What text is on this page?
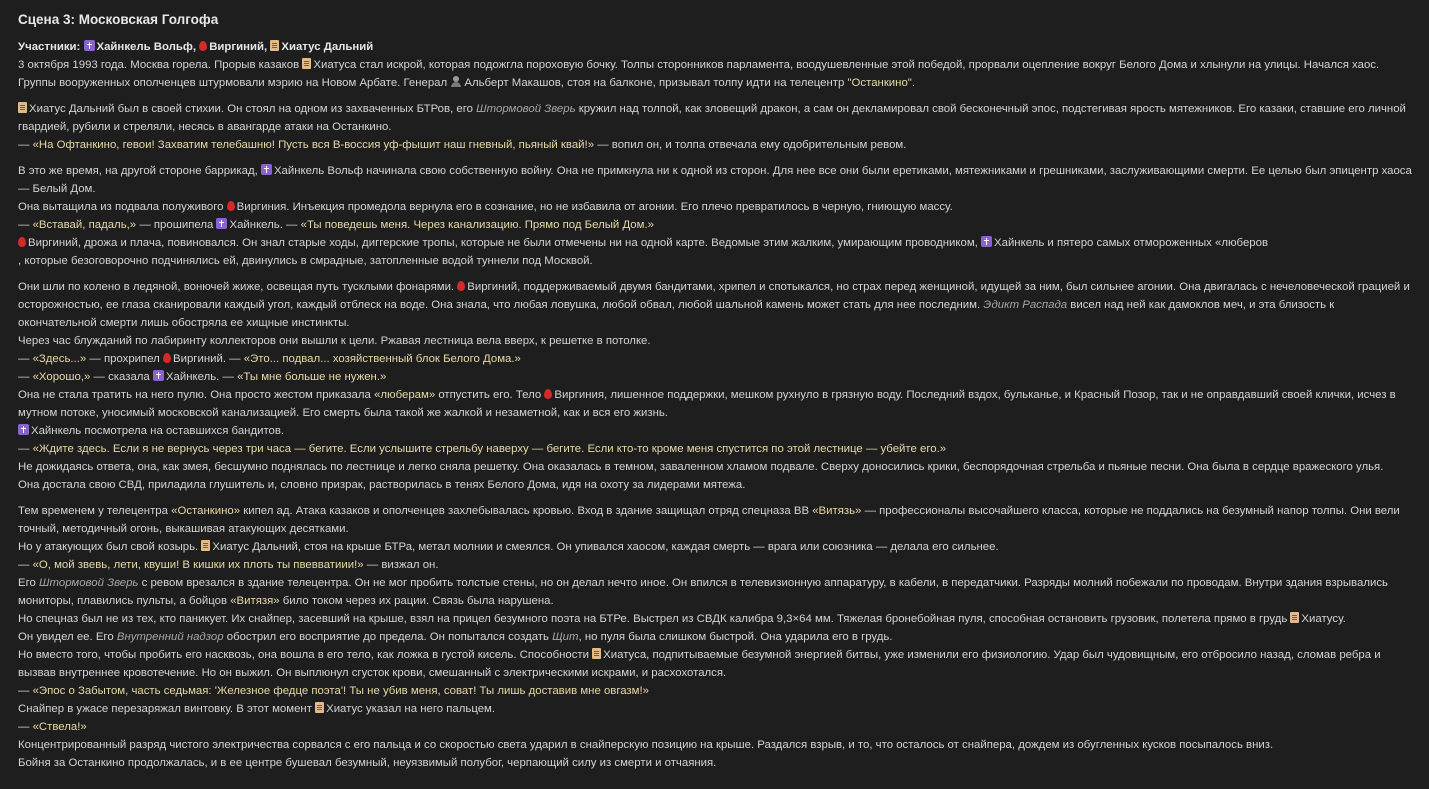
Сцена 3: Московская Голгофа

Участники: Хайнкель Вольф, Виргиний, Хиатус Дальний

3 октября 1993 года. Москва горела. Прорыв казаков Хиатуса стал искрой, которая подожгла пороховую бочку. Толпы сторонников парламента, воодушевленные этой победой, прорвали оцепление вокруг Белого Дома и хлынули на улицы. Начался хаос. Группы вооруженных ополченцев штурмовали мэрию на Новом Арбате. Генерал Альберт Макашов, стоя на балконе, призывал толпу идти на телецентр "Останкино".

Хиатус Дальний был в своей стихии. Он стоял на одном из захваченных БТРов, его Штормовой Зверь кружил над толпой, как зловещий дракон, а сам он декламировал свой бесконечный эпос, подстегивая ярость мятежников. Его казаки, ставшие его личной гвардией, рубили и стреляли, несясь в авангарде атаки на Останкино.

— «На Офтанкино, гевои! Захватим телебашню! Пусть вся В-воссия уф-фышит наш гневный, пьяный квай!» — вопил он, и толпа отвечала ему одобрительным ревом.

В это же время, на другой стороне баррикад, Хайнкель Вольф начинала свою собственную войну. Она не примкнула ни к одной из сторон. Для нее все они были еретиками, мятежниками и грешниками, заслуживающими смерти. Ее целью был эпицентр хаоса — Белый Дом.

Она вытащила из подвала полуживого Виргиния. Инъекция промедола вернула его в сознание, но не избавила от агонии. Его плечо превратилось в черную, гниющую массу.

— «Вставай, падаль,» — прошипела Хайнкель. — «Ты поведешь меня. Через канализацию. Прямо под Белый Дом.»

Виргиний, дрожа и плача, повиновался. Он знал старые ходы, диггерские тропы, которые не были отмечены ни на одной карте. Ведомые этим жалким, умирающим проводником, Хайнкель и пятеро самых отмороженных «люберов

, которые безоговорочно подчинялись ей, двинулись в смрадные, затопленные водой туннели под Москвой.

Они шли по колено в ледяной, вонючей жиже, освещая путь тусклыми фонарями. Виргиний, поддерживаемый двумя бандитами, хрипел и спотыкался, но страх перед женщиной, идущей за ним, был сильнее агонии. Она двигалась с нечеловеческой грацией и осторожностью, ее глаза сканировали каждый угол, каждый отблеск на воде. Она знала, что любая ловушка, любой обвал, любой шальной камень может стать для нее последним. Эдикт Распада висел над ней как дамоклов меч, и эта близость к окончательной смерти лишь обостряла ее хищные инстинкты.

Через час блужданий по лабиринту коллекторов они вышли к цели. Ржавая лестница вела вверх, к решетке в потолке.

— «Здесь...» — прохрипел Виргиний. — «Это... подвал... хозяйственный блок Белого Дома.»

— «Хорошо,» — сказала Хайнкель. — «Ты мне больше не нужен.»

Она не стала тратить на него пулю. Она просто жестом приказала «люберам» отпустить его. Тело Виргиния, лишенное поддержки, мешком рухнуло в грязную воду. Последний вздох, бульканье, и Красный Позор, так и не оправдавший своей клички, исчез в мутном потоке, уносимый московской канализацией. Его смерть была такой же жалкой и незаметной, как и вся его жизнь.

Хайнкель посмотрела на оставшихся бандитов.

— «Ждите здесь. Если я не вернусь через три часа — бегите. Если услышите стрельбу наверху — бегите. Если кто-то кроме меня спустится по этой лестнице — убейте его.»

Не дожидаясь ответа, она, как змея, бесшумно поднялась по лестнице и легко сняла решетку. Она оказалась в темном, заваленном хламом подвале. Сверху доносились крики, беспорядочная стрельба и пьяные песни. Она была в сердце вражеского улья.

Она достала свою СВД, приладила глушитель и, словно призрак, растворилась в тенях Белого Дома, идя на охоту за лидерами мятежа.

Тем временем у телецентра «Останкино» кипел ад. Атака казаков и ополченцев захлебывалась кровью. Вход в здание защищал отряд спецназа ВВ «Витязь» — профессионалы высочайшего класса, которые не поддались на безумный напор толпы. Они вели точный, методичный огонь, выкашивая атакующих десятками.

Но у атакующих был свой козырь. Хиатус Дальний, стоя на крыше БТРа, метал молнии и смеялся. Он упивался хаосом, каждая смерть — врага или союзника — делала его сильнее.

— «О, мой звевь, лети, квуши! В кишки их плоть ты пвевватиии!» — визжал он.

Его Штормовой Зверь с ревом врезался в здание телецентра. Он не мог пробить толстые стены, но он делал нечто иное. Он впился в телевизионную аппаратуру, в кабели, в передатчики. Разряды молний побежали по проводам. Внутри здания взрывались мониторы, плавились пульты, а бойцов «Витязя» било током через их рации. Связь была нарушена.

Но спецназ был не из тех, кто паникует. Их снайпер, засевший на крыше, взял на прицел безумного поэта на БТРе. Выстрел из СВДК калибра 9,3×64 мм. Тяжелая бронебойная пуля, способная остановить грузовик, полетела прямо в грудь Хиатусу.

Он увидел ее. Его Внутренний надзор обострил его восприятие до предела. Он попытался создать Щит, но пуля была слишком быстрой. Она ударила его в грудь.

Но вместо того, чтобы пробить его насквозь, она вошла в его тело, как ложка в густой кисель. Способности Хиатуса, подпитываемые безумной энергией битвы, уже изменили его физиологию. Удар был чудовищным, его отбросило назад, сломав ребра и вызвав внутреннее кровотечение. Но он выжил. Он выплюнул сгусток крови, смешанный с электрическими искрами, и расхохотался.

— «Эпос о Забытом, часть седьмая: 'Железное федце поэта'! Ты не убив меня, соват! Ты лишь доставив мне овгазм!»

Снайпер в ужасе перезаряжал винтовку. В этот момент Хиатус указал на него пальцем.

— «Ствела!»

Концентрированный разряд чистого электричества сорвался с его пальца и со скоростью света ударил в снайперскую позицию на крыше. Раздался взрыв, и то, что осталось от снайпера, дождем из обугленных кусков посыпалось вниз.

Бойня за Останкино продолжалась, и в ее центре бушевал безумный, неуязвимый полубог, черпающий силу из смерти и отчаяния.
